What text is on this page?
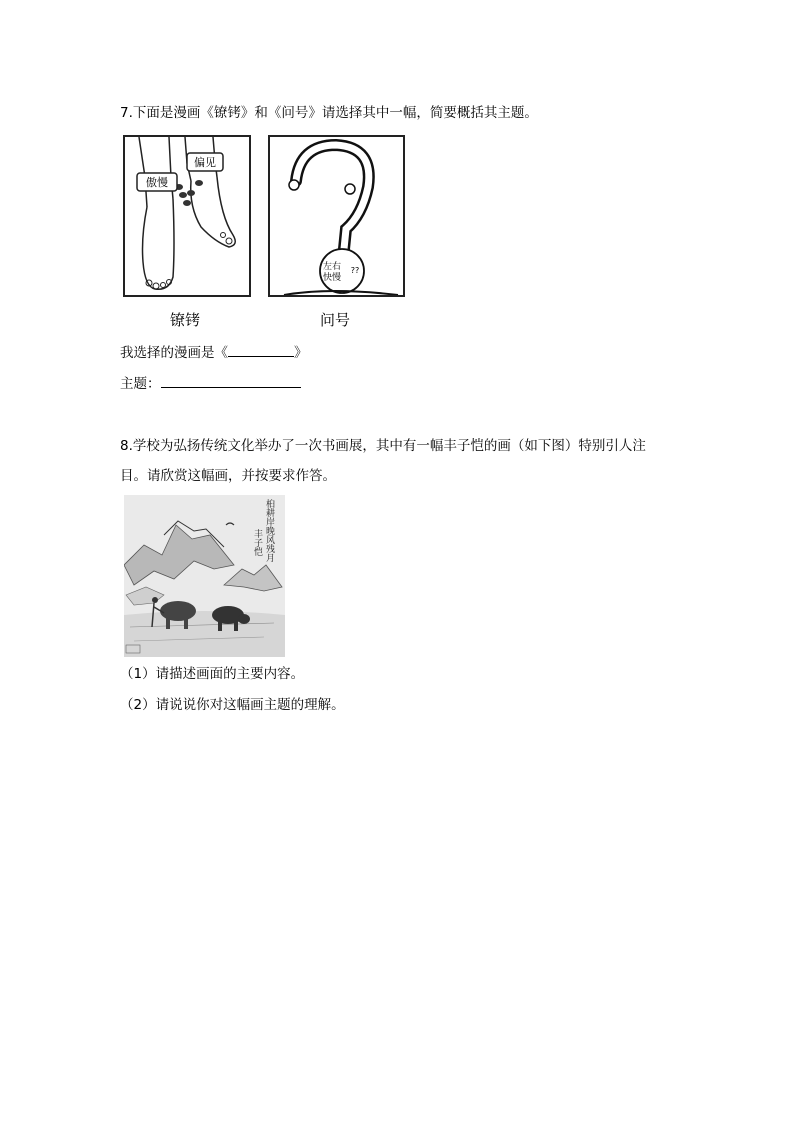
7.下面是漫画《镣铐》和《问号》请选择其中一幅，简要概括其主题。
傲慢
偏见
镣铐
左右
快慢
??
问号
我选择的漫画是《	》
主题：
8.学校为弘扬传统文化举办了一次书画展，其中有一幅丰子恺的画（如下图）特别引人注
目。请欣赏这幅画，并按要求作答。
桕耕岸晚风残月
丰子恺
（1）请描述画面的主要内容。
（2）请说说你对这幅画主题的理解。
